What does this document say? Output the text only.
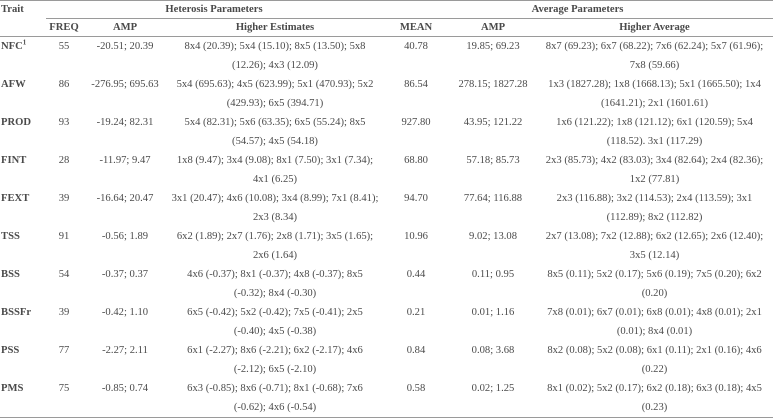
Trait	Heterosis Parameters			Average Parameters		
	FREQ	AMP	Higher Estimates	MEAN	AMP	Higher Average
NFC$^1$	55	-20.51; 20.39	8x4 (20.39); 5x4 (15.10); 8x5 (13.50); 5x8 (12.26); 4x3 (12.09)	40.78	19.85; 69.23	8x7 (69.23); 6x7 (68.22); 7x6 (62.24); 5x7 (61.96); 7x8 (59.66)
AFW	86	-276.95; 695.63	5x4 (695.63); 4x5 (623.99); 5x1 (470.93); 5x2 (429.93); 6x5 (394.71)	86.54	278.15; 1827.28	1x3 (1827.28); 1x8 (1668.13); 5x1 (1665.50); 1x4 (1641.21); 2x1 (1601.61)
PROD	93	-19.24; 82.31	5x4 (82.31); 5x6 (63.35); 6x5 (55.24); 8x5 (54.57); 4x5 (54.18)	927.80	43.95; 121.22	1x6 (121.22); 1x8 (121.12); 6x1 (120.59); 5x4 (118.52). 3x1 (117.29)
FINT	28	-11.97; 9.47	1x8 (9.47); 3x4 (9.08); 8x1 (7.50); 3x1 (7.34); 4x1 (6.25)	68.80	57.18; 85.73	2x3 (85.73); 4x2 (83.03); 3x4 (82.64); 2x4 (82.36); 1x2 (77.81)
FEXT	39	-16.64; 20.47	3x1 (20.47); 4x6 (10.08); 3x4 (8.99); 7x1 (8.41); 2x3 (8.34)	94.70	77.64; 116.88	2x3 (116.88); 3x2 (114.53); 2x4 (113.59); 3x1 (112.89); 8x2 (112.82)
TSS	91	-0.56; 1.89	6x2 (1.89); 2x7 (1.76); 2x8 (1.71); 3x5 (1.65); 2x6 (1.64)	10.96	9.02; 13.08	2x7 (13.08); 7x2 (12.88); 6x2 (12.65); 2x6 (12.40); 3x5 (12.14)
BSS	54	-0.37; 0.37	4x6 (-0.37); 8x1 (-0.37); 4x8 (-0.37); 8x5 (-0.32); 8x4 (-0.30)	0.44	0.11; 0.95	8x5 (0.11); 5x2 (0.17); 5x6 (0.19); 7x5 (0.20); 6x2 (0.20)
BSSFr	39	-0.42; 1.10	6x5 (-0.42); 5x2 (-0.42); 7x5 (-0.41); 2x5 (-0.40); 4x5 (-0.38)	0.21	0.01; 1.16	7x8 (0.01); 6x7 (0.01); 6x8 (0.01); 4x8 (0.01); 2x1 (0.01); 8x4 (0.01)
PSS	77	-2.27; 2.11	6x1 (-2.27); 8x6 (-2.21); 6x2 (-2.17); 4x6 (-2.12); 6x5 (-2.10)	0.84	0.08; 3.68	8x2 (0.08); 5x2 (0.08); 6x1 (0.11); 2x1 (0.16); 4x6 (0.22)
PMS	75	-0.85; 0.74	6x3 (-0.85); 8x6 (-0.71); 8x1 (-0.68); 7x6 (-0.62); 4x6 (-0.54)	0.58	0.02; 1.25	8x1 (0.02); 5x2 (0.17); 6x2 (0.18); 6x3 (0.18); 4x5 (0.23)
